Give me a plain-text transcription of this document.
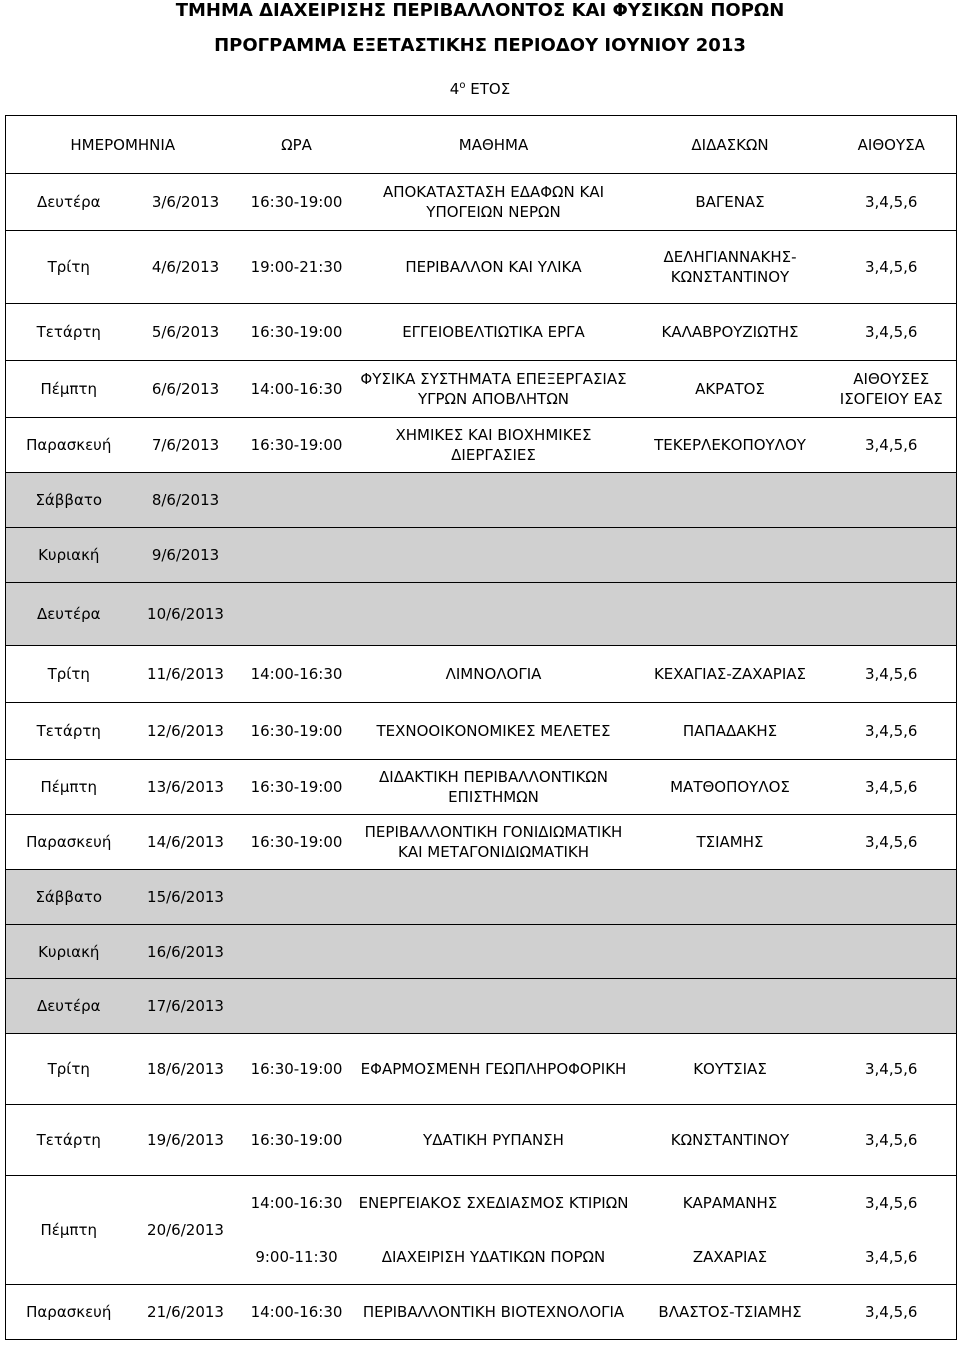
ΤΜΗΜΑ ΔΙΑΧΕΙΡΙΣΗΣ ΠΕΡΙΒΑΛΛΟΝΤΟΣ ΚΑΙ ΦΥΣΙΚΩΝ ΠΟΡΩΝ
ΠΡΟΓΡΑΜΜΑ ΕΞΕΤΑΣΤΙΚΗΣ ΠΕΡΙΟΔΟΥ ΙΟΥΝΙΟΥ 2013
$4^o$ ΕΤΟΣ

ΗΜΕΡΟΜΗΝΙΑ		ΩΡΑ	ΜΑΘΗΜΑ	ΔΙΔΑΣΚΩΝ	ΑΙΘΟΥΣΑ
Δευτέρα	3/6/2013	16:30-19:00	ΑΠΟΚΑΤΑΣΤΑΣΗ ΕΔΑΦΩΝ ΚΑΙ ΥΠΟΓΕΙΩΝ ΝΕΡΩΝ	ΒΑΓΕΝΑΣ	3,4,5,6
Τρίτη	4/6/2013	19:00-21:30	ΠΕΡΙΒΑΛΛΟΝ ΚΑΙ ΥΛΙΚΑ	ΔΕΛΗΓΙΑΝΝΑΚΗΣ-ΚΩΝΣΤΑΝΤΙΝΟΥ	3,4,5,6
Τετάρτη	5/6/2013	16:30-19:00	ΕΓΓΕΙΟΒΕΛΤΙΩΤΙΚΑ ΕΡΓΑ	ΚΑΛΑΒΡΟΥΖΙΩΤΗΣ	3,4,5,6
Πέμπτη	6/6/2013	14:00-16:30	ΦΥΣΙΚΑ ΣΥΣΤΗΜΑΤΑ ΕΠΕΞΕΡΓΑΣΙΑΣ ΥΓΡΩΝ ΑΠΟΒΛΗΤΩΝ	ΑΚΡΑΤΟΣ	ΑΙΘΟΥΣΕΣ ΙΣΟΓΕΙΟΥ ΕΑΣ
Παρασκευή	7/6/2013	16:30-19:00	ΧΗΜΙΚΕΣ ΚΑΙ ΒΙΟΧΗΜΙΚΕΣ ΔΙΕΡΓΑΣΙΕΣ	ΤΕΚΕΡΛΕΚΟΠΟΥΛΟΥ	3,4,5,6
Σάββατο	8/6/2013				
Κυριακή	9/6/2013				
Δευτέρα	10/6/2013				
Τρίτη	11/6/2013	14:00-16:30	ΛΙΜΝΟΛΟΓΙΑ	ΚΕΧΑΓΙΑΣ-ΖΑΧΑΡΙΑΣ	3,4,5,6
Τετάρτη	12/6/2013	16:30-19:00	ΤΕΧΝΟΟΙΚΟΝΟΜΙΚΕΣ ΜΕΛΕΤΕΣ	ΠΑΠΑΔΑΚΗΣ	3,4,5,6
Πέμπτη	13/6/2013	16:30-19:00	ΔΙΔΑΚΤΙΚΗ ΠΕΡΙΒΑΛΛΟΝΤΙΚΩΝ ΕΠΙΣΤΗΜΩΝ	ΜΑΤΘΟΠΟΥΛΟΣ	3,4,5,6
Παρασκευή	14/6/2013	16:30-19:00	ΠΕΡΙΒΑΛΛΟΝΤΙΚΗ ΓΟΝΙΔΙΩΜΑΤΙΚΗ ΚΑΙ ΜΕΤΑΓΟΝΙΔΙΩΜΑΤΙΚΗ	ΤΣΙΑΜΗΣ	3,4,5,6
Σάββατο	15/6/2013				
Κυριακή	16/6/2013				
Δευτέρα	17/6/2013				
Τρίτη	18/6/2013	16:30-19:00	ΕΦΑΡΜΟΣΜΕΝΗ ΓΕΩΠΛΗΡΟΦΟΡΙΚΗ	ΚΟΥΤΣΙΑΣ	3,4,5,6
Τετάρτη	19/6/2013	16:30-19:00	ΥΔΑΤΙΚΗ ΡΥΠΑΝΣΗ	ΚΩΝΣΤΑΝΤΙΝΟΥ	3,4,5,6
Πέμπτη	20/6/2013	14:00-16:30	ΕΝΕΡΓΕΙΑΚΟΣ ΣΧΕΔΙΑΣΜΟΣ ΚΤΙΡΙΩΝ	ΚΑΡΑΜΑΝΗΣ	3,4,5,6
		9:00-11:30	ΔΙΑΧΕΙΡΙΣΗ ΥΔΑΤΙΚΩΝ ΠΟΡΩΝ	ΖΑΧΑΡΙΑΣ	3,4,5,6
Παρασκευή	21/6/2013	14:00-16:30	ΠΕΡΙΒΑΛΛΟΝΤΙΚΗ ΒΙΟΤΕΧΝΟΛΟΓΙΑ	ΒΛΑΣΤΟΣ-ΤΣΙΑΜΗΣ	3,4,5,6
